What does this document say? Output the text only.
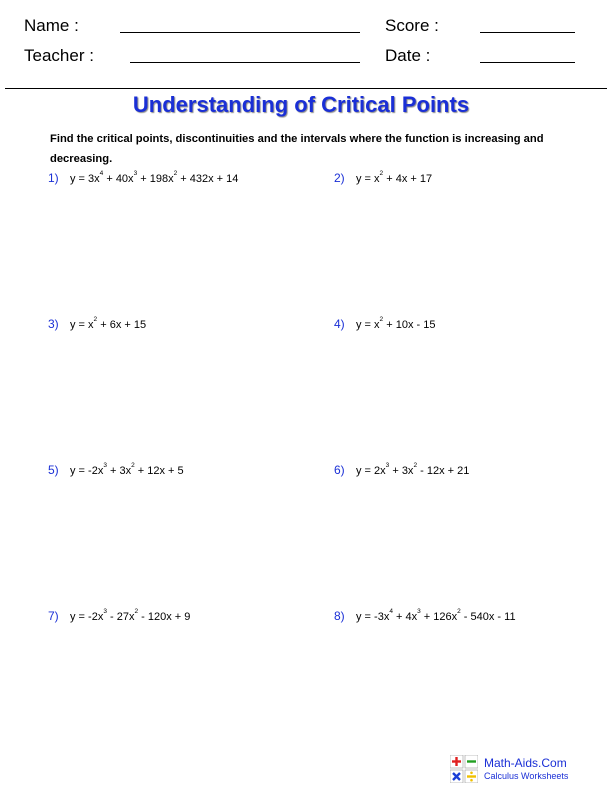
Name :	Score :
Teacher :	Date :
Understanding of Critical Points
Find the critical points, discontinuities and the intervals where the function is increasing and decreasing.
1) $y = 3x^4 + 40x^3 + 198x^2 + 432x + 14$	2) $y = x^2 + 4x + 17$
3) $y = x^2 + 6x + 15$	4) $y = x^2 + 10x - 15$
5) $y = -2x^3 + 3x^2 + 12x + 5$	6) $y = 2x^3 + 3x^2 - 12x + 21$
7) $y = -2x^3 - 27x^2 - 120x + 9$	8) $y = -3x^4 + 4x^3 + 126x^2 - 540x - 11$
Math-Aids.Com
Calculus Worksheets
